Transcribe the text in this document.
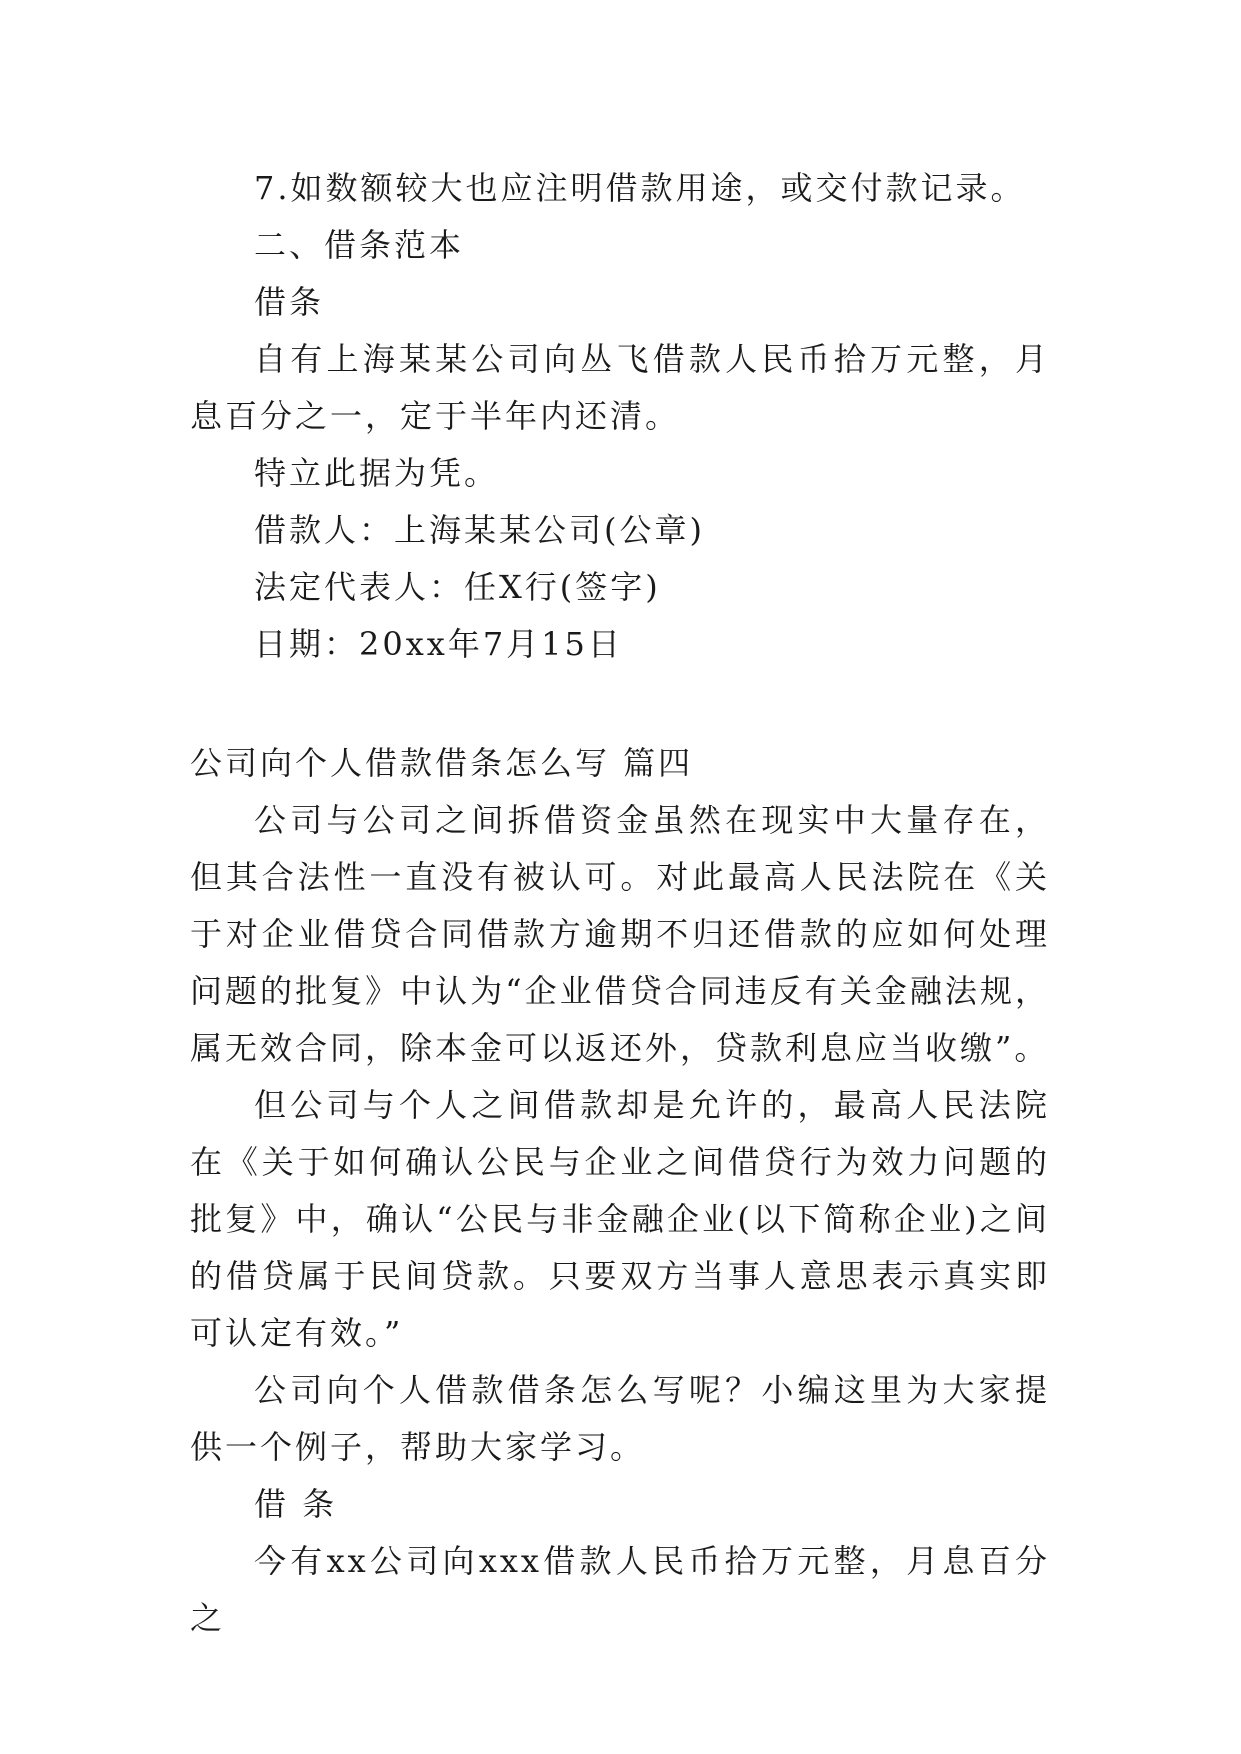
7.如数额较大也应注明借款用途，或交付款记录。

二、借条范本

借条

自有上海某某公司向丛飞借款人民币拾万元整，月息百分之一，定于半年内还清。

特立此据为凭。

借款人：上海某某公司(公章)

法定代表人：任X行(签字)

日期：20xx年7月15日

公司向个人借款借条怎么写 篇四

公司与公司之间拆借资金虽然在现实中大量存在，但其合法性一直没有被认可。对此最高人民法院在《关于对企业借贷合同借款方逾期不归还借款的应如何处理问题的批复》中认为“企业借贷合同违反有关金融法规，属无效合同，除本金可以返还外，贷款利息应当收缴”。

但公司与个人之间借款却是允许的，最高人民法院在《关于如何确认公民与企业之间借贷行为效力问题的批复》中，确认“公民与非金融企业(以下简称企业)之间的借贷属于民间贷款。只要双方当事人意思表示真实即可认定有效。”

公司向个人借款借条怎么写呢？小编这里为大家提供一个例子，帮助大家学习。

借 条

今有xx公司向xxx借款人民币拾万元整，月息百分之
